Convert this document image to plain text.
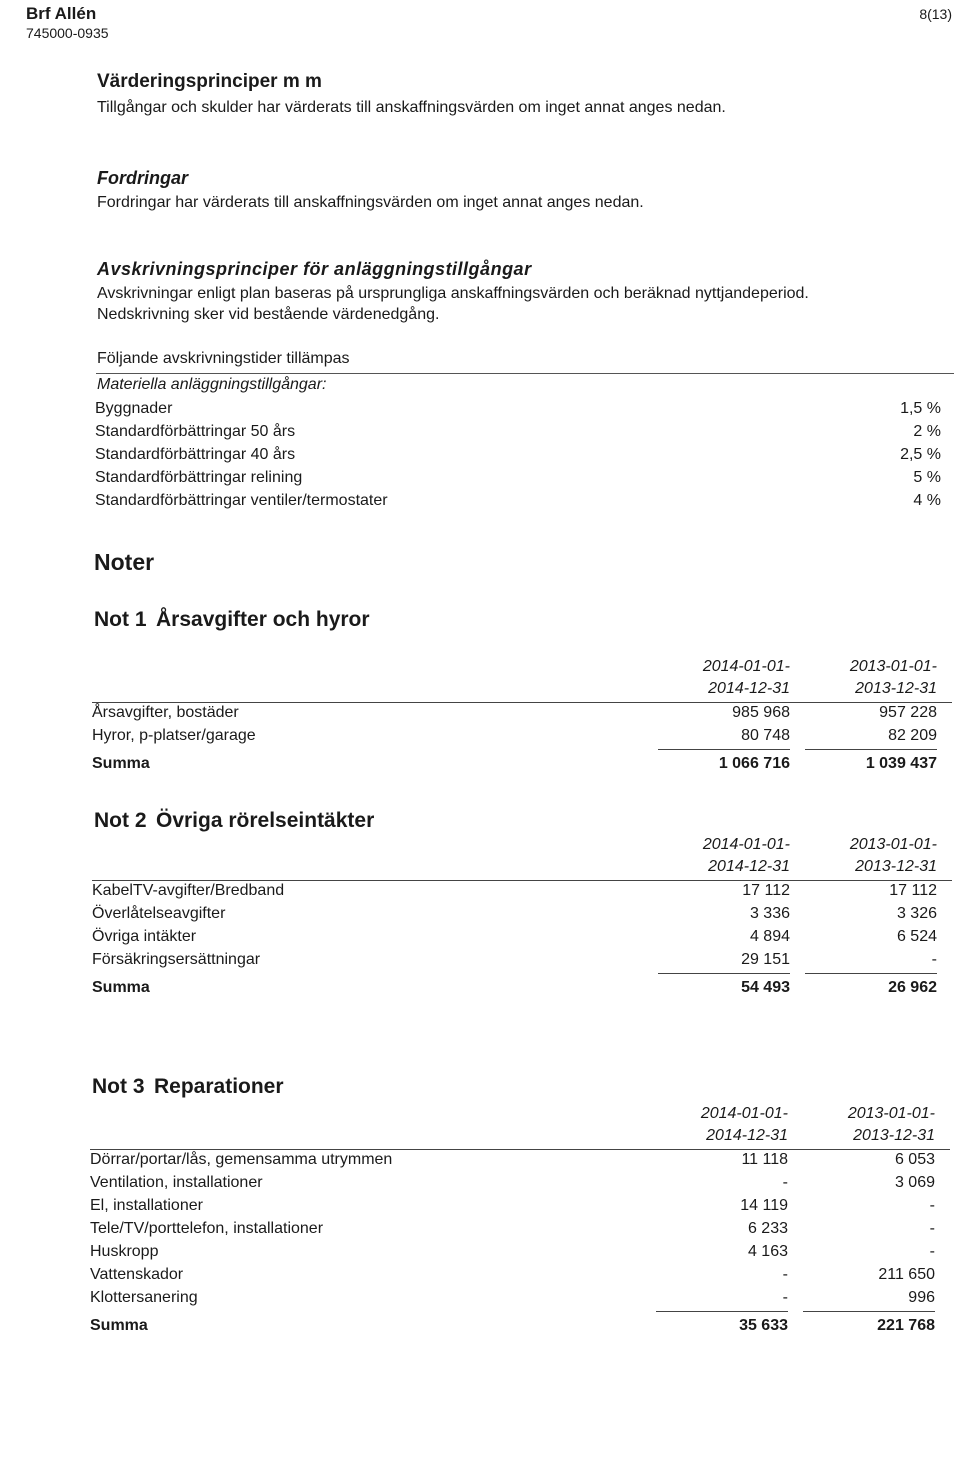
Brf Allén
745000-0935
8(13)
Värderingsprinciper m m

Tillgångar och skulder har värderats till anskaffningsvärden om inget annat anges nedan.

Fordringar

Fordringar har värderats till anskaffningsvärden om inget annat anges nedan.

Avskrivningsprinciper för anläggningstillgångar

Avskrivningar enligt plan baseras på ursprungliga anskaffningsvärden och beräknad nyttjandeperiod.

Nedskrivning sker vid bestående värdenedgång.

Följande avskrivningstider tillämpas
Materiella anläggningstillgångar:
Byggnader	1,5 %
Standardförbättringar 50 års	2 %
Standardförbättringar 40 års	2,5 %
Standardförbättringar relining	5 %
Standardförbättringar ventiler/termostater	4 %
Noter
Not 1 Årsavgifter och hyror
2014-01-01-
2014-12-31
2013-01-01-
2013-12-31
Årsavgifter, bostäder	985 968	957 228
Hyror, p-platser/garage	80 748	82 209
Summa	1 066 716	1 039 437
Not 2 Övriga rörelseintäkter
2014-01-01-
2014-12-31
2013-01-01-
2013-12-31
KabelTV-avgifter/Bredband	17 112	17 112
Överlåtelseavgifter	3 336	3 326
Övriga intäkter	4 894	6 524
Försäkringsersättningar	29 151	-
Summa	54 493	26 962
Not 3 Reparationer
2014-01-01-
2014-12-31
2013-01-01-
2013-12-31
Dörrar/portar/lås, gemensamma utrymmen	11 118	6 053
Ventilation, installationer	-	3 069
El, installationer	14 119	-
Tele/TV/porttelefon, installationer	6 233	-
Huskropp	4 163	-
Vattenskador	-	211 650
Klottersanering	-	996
Summa	35 633	221 768
